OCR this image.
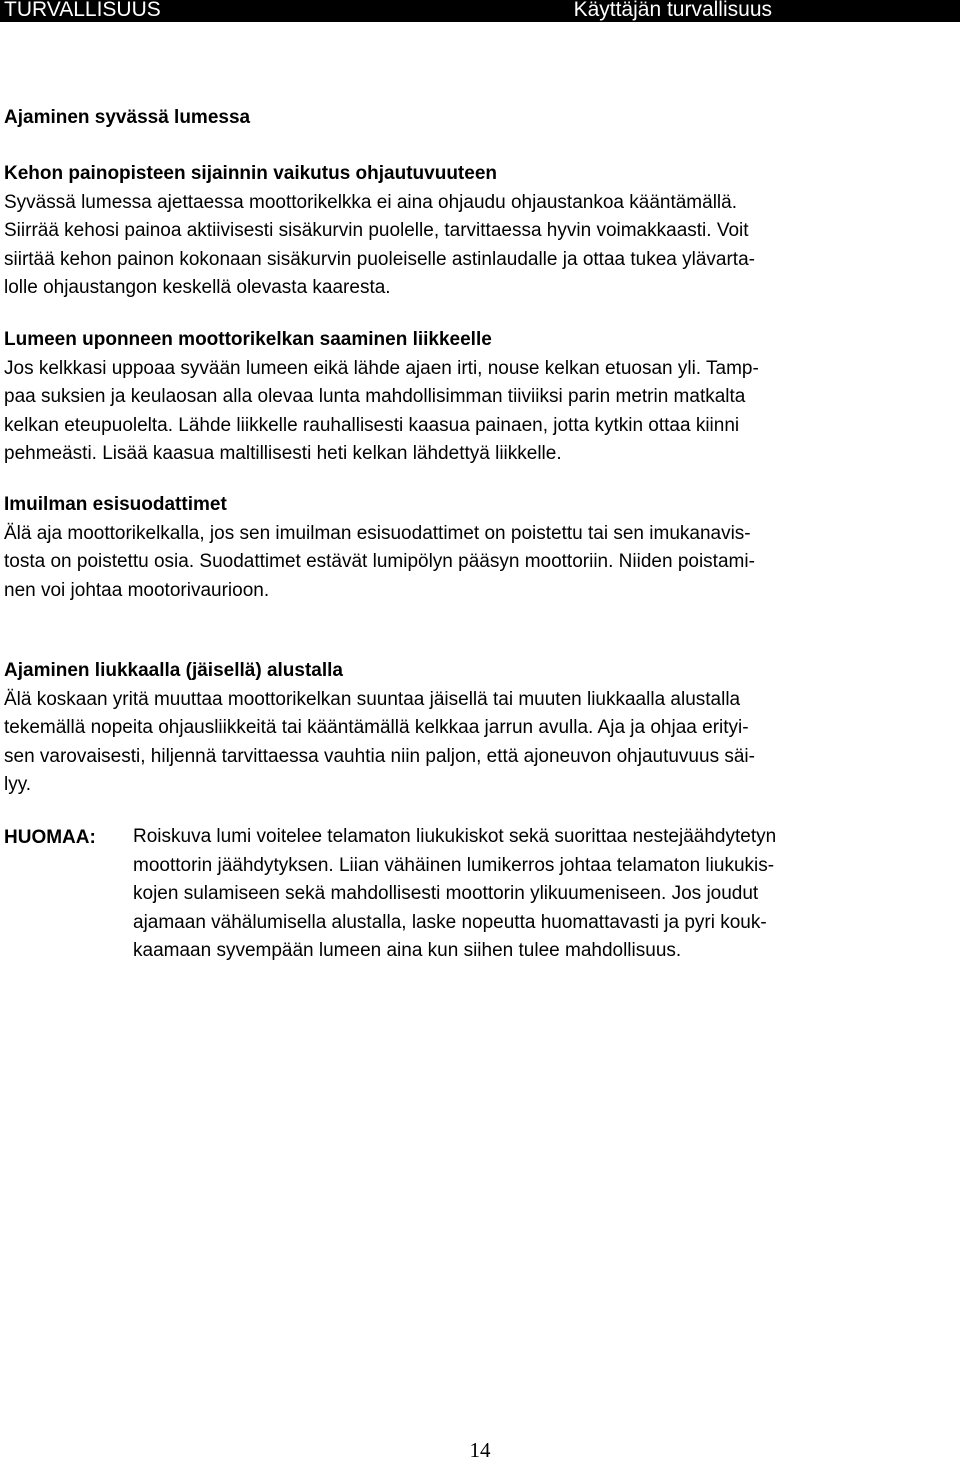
TURVALLISUUS	Käyttäjän turvallisuus

Ajaminen syvässä lumessa

Kehon painopisteen sijainnin vaikutus ohjautuvuuteen

Syvässä lumessa ajettaessa moottorikelkka ei aina ohjaudu ohjaustankoa kääntämällä.

Siirrää kehosi painoa aktiivisesti sisäkurvin puolelle, tarvittaessa hyvin voimakkaasti. Voit

siirtää kehon painon kokonaan sisäkurvin puoleiselle astinlaudalle ja ottaa tukea ylävarta-

lolle ohjaustangon keskellä olevasta kaaresta.

Lumeen uponneen moottorikelkan saaminen liikkeelle

Jos kelkkasi uppoaa syvään lumeen eikä lähde ajaen irti, nouse kelkan etuosan yli. Tamp-

paa suksien ja keulaosan alla olevaa lunta mahdollisimman tiiviiksi parin metrin matkalta

kelkan eteupuolelta. Lähde liikkelle rauhallisesti kaasua painaen, jotta kytkin ottaa kiinni

pehmeästi. Lisää kaasua maltillisesti heti kelkan lähdettyä liikkelle.

Imuilman esisuodattimet

Älä aja moottorikelkalla, jos sen imuilman esisuodattimet on poistettu tai sen imukanavis-

tosta on poistettu osia. Suodattimet estävät lumipölyn pääsyn moottoriin. Niiden poistami-

nen voi johtaa mootorivaurioon.

Ajaminen liukkaalla (jäisellä) alustalla

Älä koskaan yritä muuttaa moottorikelkan suuntaa jäisellä tai muuten liukkaalla alustalla

tekemällä nopeita ohjausliikkeitä tai kääntämällä kelkkaa jarrun avulla. Aja ja ohjaa erityi-

sen varovaisesti, hiljennä tarvittaessa vauhtia niin paljon, että ajoneuvon ohjautuvuus säi-

lyy.

HUOMAA: Roiskuva lumi voitelee telamaton liukukiskot sekä suorittaa nestejäähdytetyn

moottorin jäähdytyksen. Liian vähäinen lumikerros johtaa telamaton liukukis-

kojen sulamiseen sekä mahdollisesti moottorin ylikuumeniseen. Jos joudut

ajamaan vähälumisella alustalla, laske nopeutta huomattavasti ja pyri kouk-

kaamaan syvempään lumeen aina kun siihen tulee mahdollisuus.

14
